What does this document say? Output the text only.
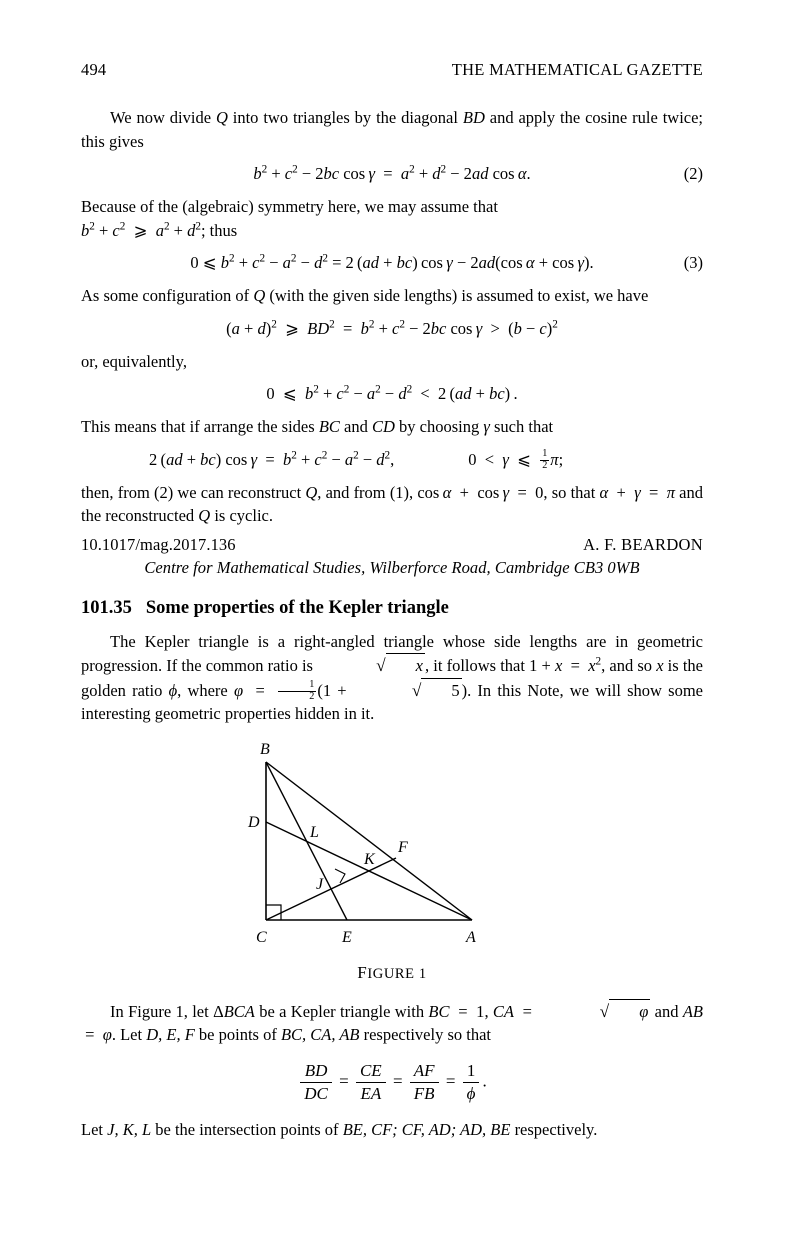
494	THE MATHEMATICAL GAZETTE

We now divide Q into two triangles by the diagonal BD and apply the cosine rule twice; this gives

$b^2 + c^2 - 2bc$ $\cos \gamma = a^2 + d^2 - 2ad$ cos α.	(2)

Because of the (algebraic) symmetry here, we may assume that
$b^2 + c^2$  ⩾  $a^2 + d^2$; thus

0 ⩽ $b^2 + c^2 - a^2 - d^2 = 2$ (ad + bc) cos γ − 2ad(cos α + cos γ).	(3)

As some configuration of Q (with the given side lengths) is assumed to exist, we have

$(a + d)^2$  ⩾  $BD^2 = b^2 + c^2 - 2bc$ $\cos \gamma > (b - c)^2$

or, equivalently,

0  ⩽  $b^2 + c^2 - a^2 - d^2 < 2$ (ad + bc) .

This means that if arrange the sides BC and CD by choosing γ such that

2 (ad + bc) $\cos \gamma = b^2 + c^2 - a^2 - d^2$,	0  <  γ  ⩽ $\frac{1}{2} \pi$;

then, from (2) we can reconstruct Q, and from (1), cos α  +  cos γ  =  0, so that α  +  γ  =  π and the reconstructed Q is cyclic.

10.1017/mag.2017.136	A. F. BEARDON
Centre for Mathematical Studies, Wilberforce Road, Cambridge CB3 0WB
101.35 Some properties of the Kepler triangle

The Kepler triangle is a right-angled triangle whose side lengths are in geometric progression. If the common ratio is	√ x , it follows that $1 + x = x^2$, and so x is the golden ratio ϕ, where $\varphi = \frac{1}{2} (1$ +	√ 5 ). In this Note, we will show some interesting geometric properties hidden in it.

B
D
C	E	A
F
L
J
K
FIGURE 1

In Figure 1, let ΔBCA be a Kepler triangle with BC  =  1, CA  =	√ φ and AB  =  φ. Let D, E, F be points of BC, CA, AB respectively so that

$\frac{BD}{DC} = \frac{CE}{EA} = \frac{AF}{FB} = \frac{1}{\phi}$ .

Let J, K, L be the intersection points of BE, CF; CF, AD; AD, BE respectively.
